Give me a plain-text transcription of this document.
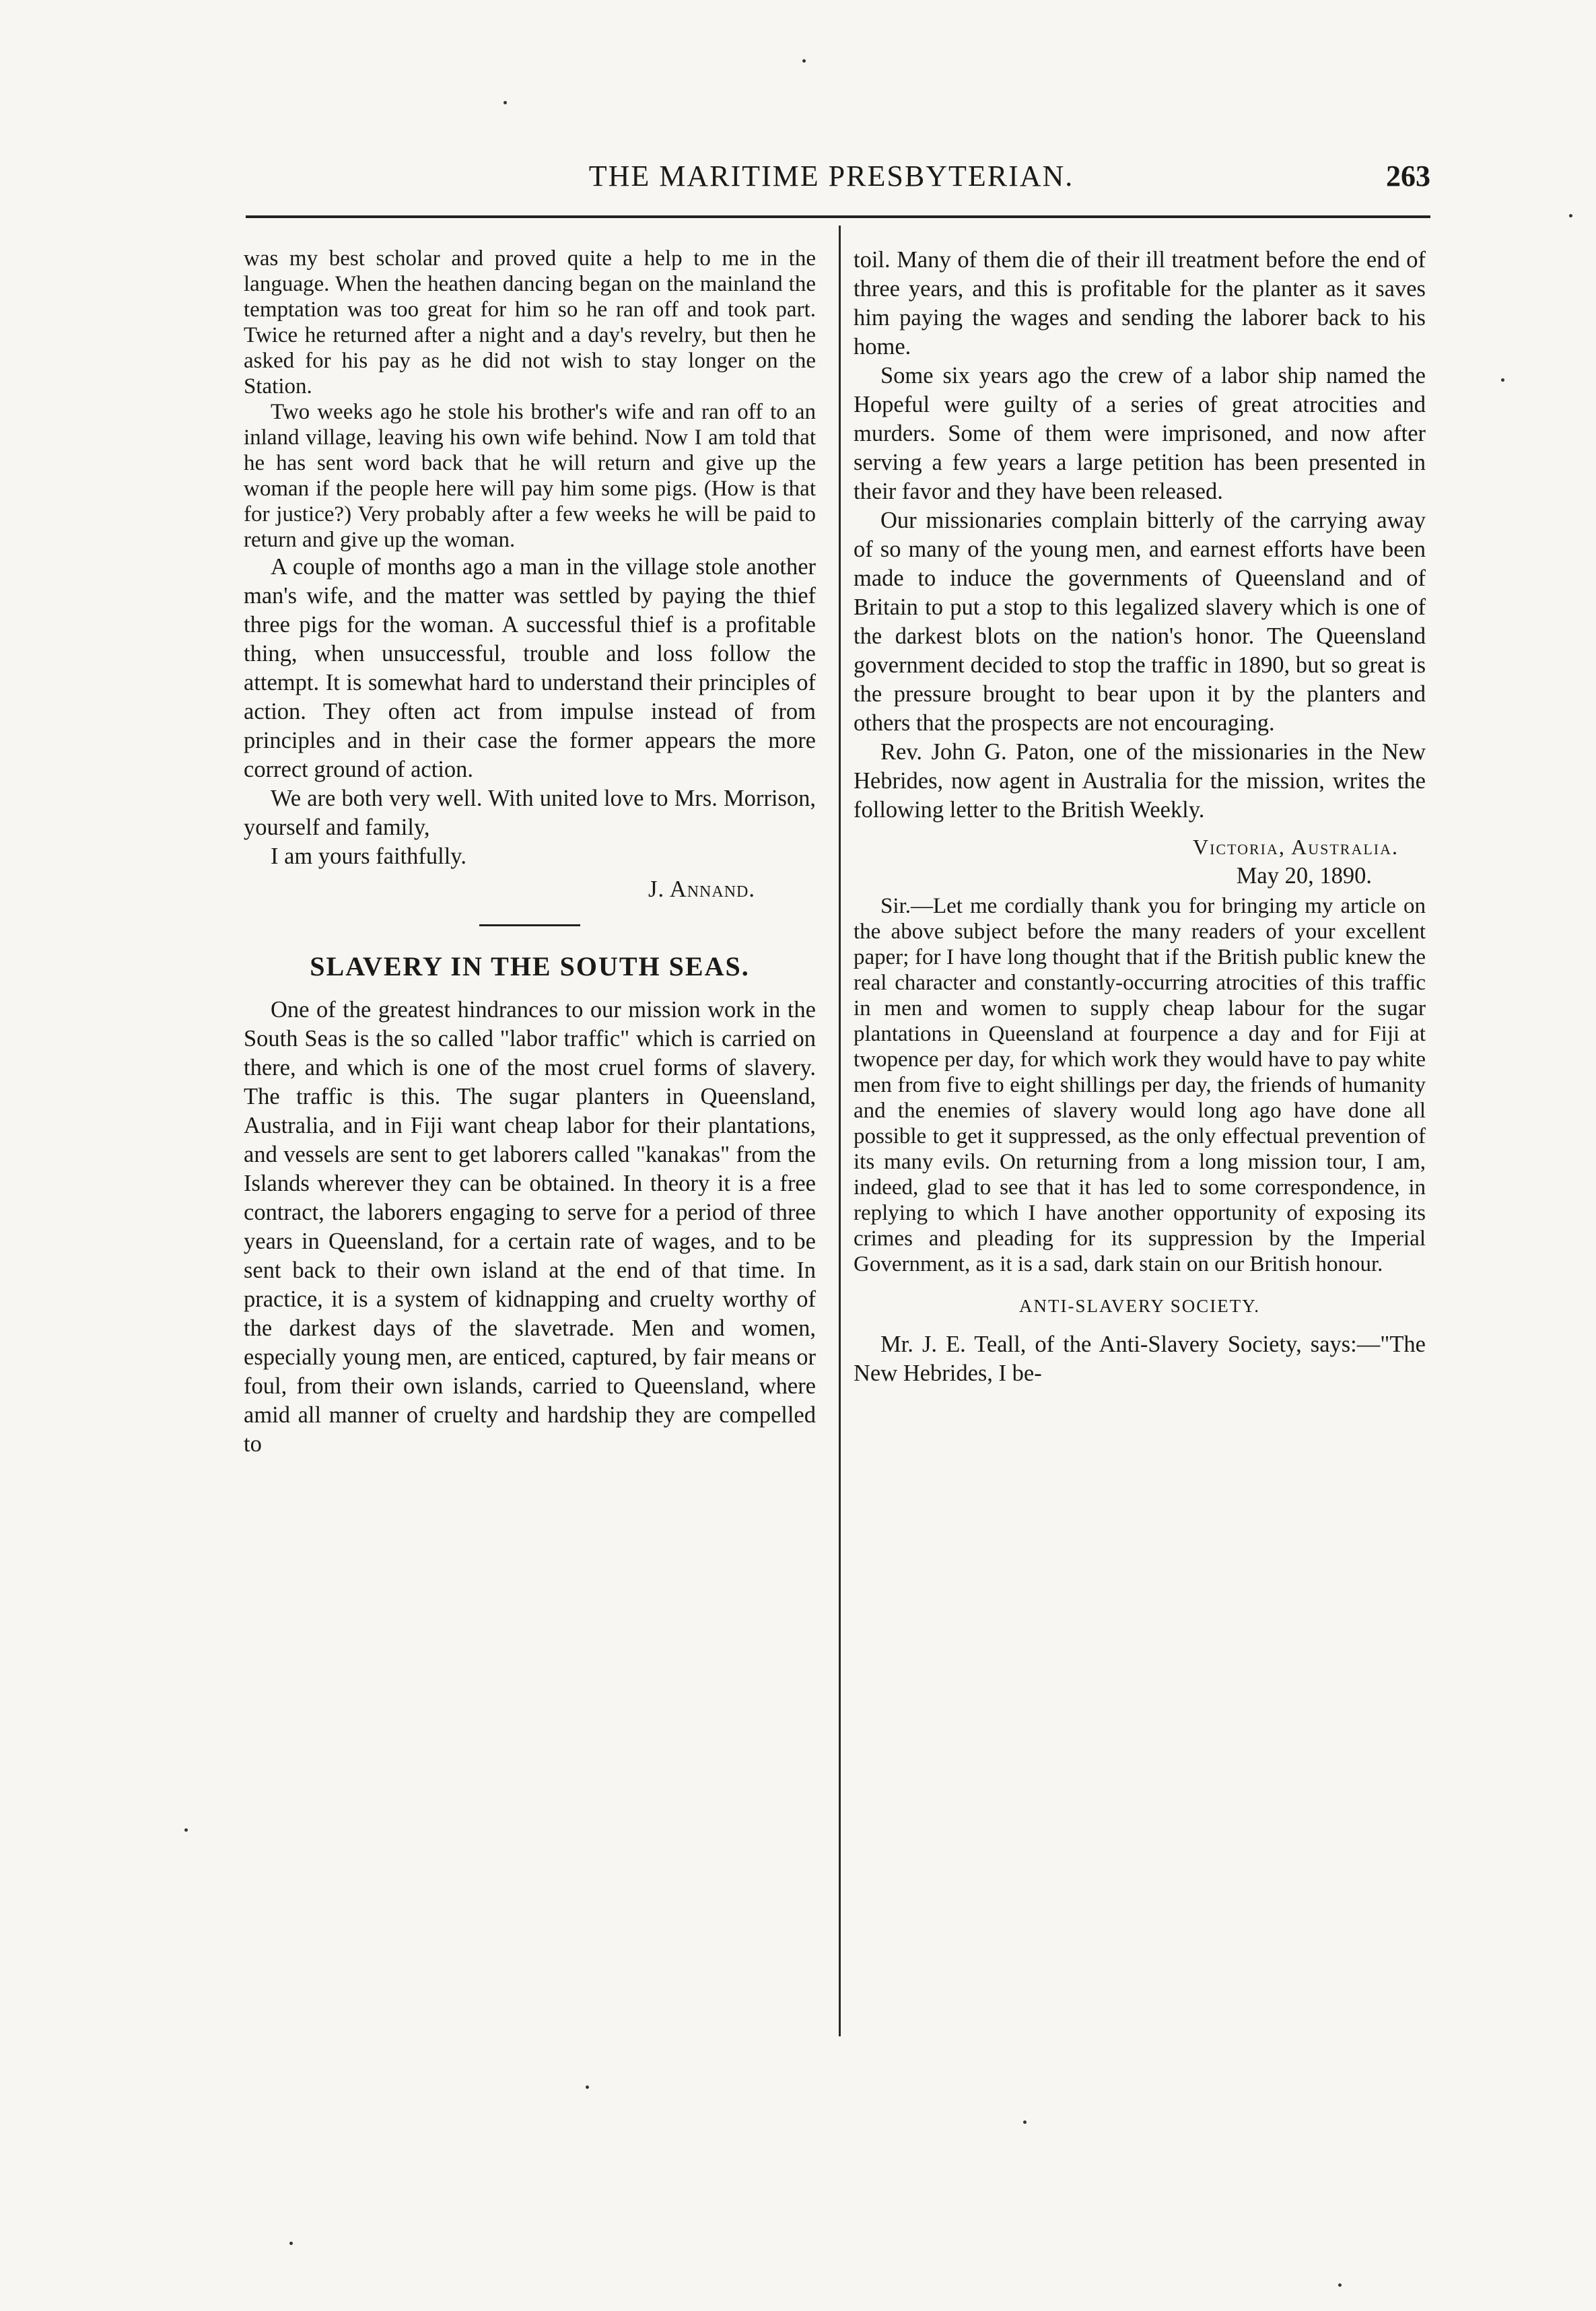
THE MARITIME PRESBYTERIAN.	263

was my best scholar and proved quite a help to me in the language. When the heathen dancing began on the mainland the temptation was too great for him so he ran off and took part. Twice he returned after a night and a day's revelry, but then he asked for his pay as he did not wish to stay longer on the Station.

Two weeks ago he stole his brother's wife and ran off to an inland village, leaving his own wife behind. Now I am told that he has sent word back that he will return and give up the woman if the people here will pay him some pigs. (How is that for justice?) Very probably after a few weeks he will be paid to return and give up the woman.

A couple of months ago a man in the village stole another man's wife, and the matter was settled by paying the thief three pigs for the woman. A successful thief is a profitable thing, when unsuccessful, trouble and loss follow the attempt. It is somewhat hard to understand their principles of action. They often act from impulse instead of from principles and in their case the former appears the more correct ground of action.

We are both very well. With united love to Mrs. Morrison, yourself and family,

I am yours faithfully.

J. Annand.
SLAVERY IN THE SOUTH SEAS.

One of the greatest hindrances to our mission work in the South Seas is the so called "labor traffic" which is carried on there, and which is one of the most cruel forms of slavery. The traffic is this. The sugar planters in Queensland, Australia, and in Fiji want cheap labor for their plantations, and vessels are sent to get laborers called "kanakas" from the Islands wherever they can be obtained. In theory it is a free contract, the laborers engaging to serve for a period of three years in Queensland, for a certain rate of wages, and to be sent back to their own island at the end of that time. In practice, it is a system of kidnapping and cruelty worthy of the darkest days of the slavetrade. Men and women, especially young men, are enticed, captured, by fair means or foul, from their own islands, carried to Queensland, where amid all manner of cruelty and hardship they are compelled to

toil. Many of them die of their ill treatment before the end of three years, and this is profitable for the planter as it saves him paying the wages and sending the laborer back to his home.

Some six years ago the crew of a labor ship named the Hopeful were guilty of a series of great atrocities and murders. Some of them were imprisoned, and now after serving a few years a large petition has been presented in their favor and they have been released.

Our missionaries complain bitterly of the carrying away of so many of the young men, and earnest efforts have been made to induce the governments of Queensland and of Britain to put a stop to this legalized slavery which is one of the darkest blots on the nation's honor. The Queensland government decided to stop the traffic in 1890, but so great is the pressure brought to bear upon it by the planters and others that the prospects are not encouraging.

Rev. John G. Paton, one of the missionaries in the New Hebrides, now agent in Australia for the mission, writes the following letter to the British Weekly.

Victoria, Australia.
May 20, 1890.

Sir.—Let me cordially thank you for bringing my article on the above subject before the many readers of your excellent paper; for I have long thought that if the British public knew the real character and constantly-occurring atrocities of this traffic in men and women to supply cheap labour for the sugar plantations in Queensland at fourpence a day and for Fiji at twopence per day, for which work they would have to pay white men from five to eight shillings per day, the friends of humanity and the enemies of slavery would long ago have done all possible to get it suppressed, as the only effectual prevention of its many evils. On returning from a long mission tour, I am, indeed, glad to see that it has led to some correspondence, in replying to which I have another opportunity of exposing its crimes and pleading for its suppression by the Imperial Government, as it is a sad, dark stain on our British honour.

ANTI-SLAVERY SOCIETY.

Mr. J. E. Teall, of the Anti-Slavery Society, says:—"The New Hebrides, I be-
